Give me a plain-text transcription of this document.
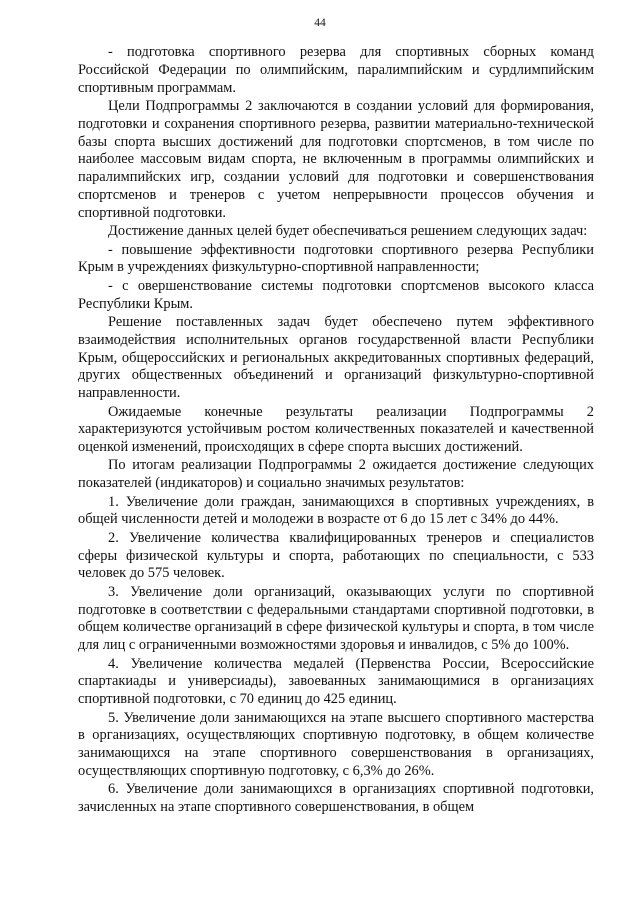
44

- подготовка спортивного резерва для спортивных сборных команд Российской Федерации по олимпийским, паралимпийским и сурдлимпийским спортивным программам.

Цели Подпрограммы 2 заключаются в создании условий для формирования, подготовки и сохранения спортивного резерва, развитии материально-технической базы спорта высших достижений для подготовки спортсменов, в том числе по наиболее массовым видам спорта, не включенным в программы олимпийских и паралимпийских игр, создании условий для подготовки и совершенствования спортсменов и тренеров с учетом непрерывности процессов обучения и спортивной подготовки.

Достижение данных целей будет обеспечиваться решением следующих задач:

- повышение эффективности подготовки спортивного резерва Республики Крым в учреждениях физкультурно-спортивной направленности;

- с овершенствование системы подготовки спортсменов высокого класса Республики Крым.

Решение поставленных задач будет обеспечено путем эффективного взаимодействия исполнительных органов государственной власти Республики Крым, общероссийских и региональных аккредитованных спортивных федераций, других общественных объединений и организаций физкультурно-спортивной направленности.

Ожидаемые конечные результаты реализации Подпрограммы 2 характеризуются устойчивым ростом количественных показателей и качественной оценкой изменений, происходящих в сфере спорта высших достижений.

По итогам реализации Подпрограммы 2 ожидается достижение следующих показателей (индикаторов) и социально значимых результатов:

1. Увеличение доли граждан, занимающихся в спортивных учреждениях, в общей численности детей и молодежи в возрасте от 6 до 15 лет с 34% до 44%.

2. Увеличение количества квалифицированных тренеров и специалистов сферы физической культуры и спорта, работающих по специальности, с 533 человек до 575 человек.

3. Увеличение доли организаций, оказывающих услуги по спортивной подготовке в соответствии с федеральными стандартами спортивной подготовки, в общем количестве организаций в сфере физической культуры и спорта, в том числе для лиц с ограниченными возможностями здоровья и инвалидов, с 5% до 100%.

4. Увеличение количества медалей (Первенства России, Всероссийские спартакиады и универсиады), завоеванных занимающимися в организациях спортивной подготовки, с 70 единиц до 425 единиц.

5. Увеличение доли занимающихся на этапе высшего спортивного мастерства в организациях, осуществляющих спортивную подготовку, в общем количестве занимающихся на этапе спортивного совершенствования в организациях, осуществляющих спортивную подготовку, с 6,3% до 26%.

6. Увеличение доли занимающихся в организациях спортивной подготовки, зачисленных на этапе спортивного совершенствования, в общем
